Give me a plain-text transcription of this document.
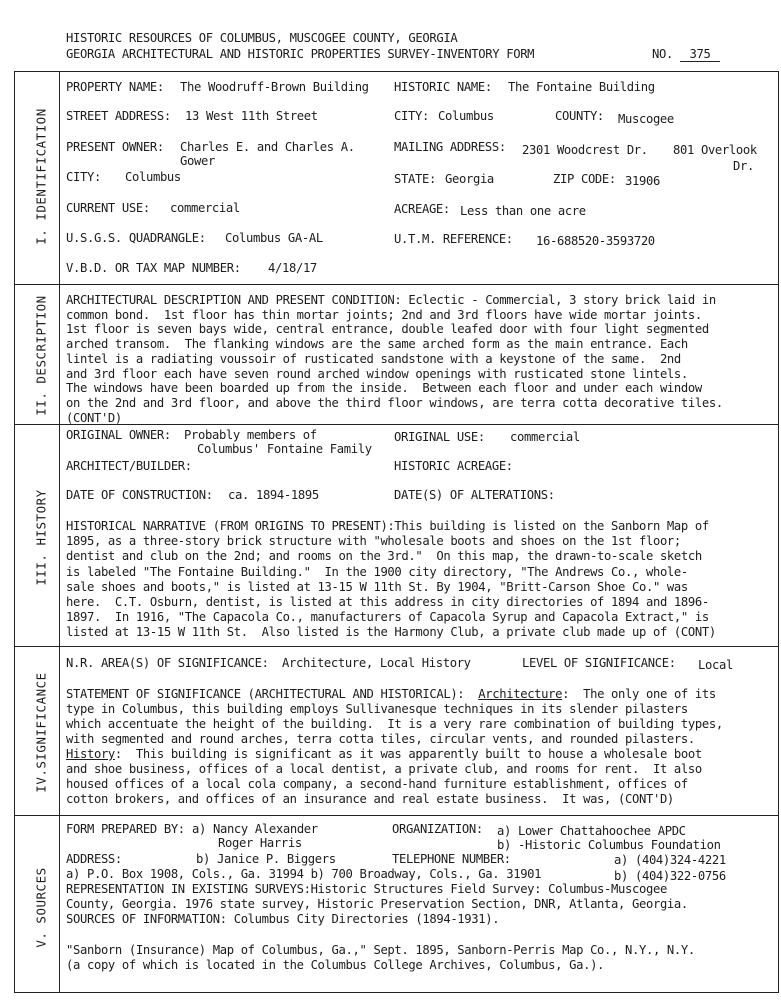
HISTORIC RESOURCES OF COLUMBUS, MUSCOGEE COUNTY, GEORGIA
GEORGIA ARCHITECTURAL AND HISTORIC PROPERTIES SURVEY-INVENTORY FORM	NO. 375
I. IDENTIFICATION
II. DESCRIPTION
III. HISTORY
IV.SIGNIFICANCE
V. SOURCES
PROPERTY NAME: The Woodruff-Brown Building HISTORIC NAME: The Fontaine Building
STREET ADDRESS: 13 West 11th Street	CITY: Columbus	COUNTY: Muscogee
PRESENT OWNER: Charles E. and Charles A.
Gower
MAILING ADDRESS: 2301 Woodcrest Dr. 801 Overlook
Dr.
CITY: Columbus	STATE: Georgia	ZIP CODE: 31906
CURRENT USE: commercial	ACREAGE: Less than one acre
U.S.G.S. QUADRANGLE: Columbus GA-AL	U.T.M. REFERENCE: 16-688520-3593720
V.B.D. OR TAX MAP NUMBER: 4/18/17
ARCHITECTURAL DESCRIPTION AND PRESENT CONDITION: Eclectic - Commercial, 3 story brick laid in
common bond.  1st floor has thin mortar joints; 2nd and 3rd floors have wide mortar joints.
1st floor is seven bays wide, central entrance, double leafed door with four light segmented
arched transom.  The flanking windows are the same arched form as the main entrance. Each
lintel is a radiating voussoir of rusticated sandstone with a keystone of the same.  2nd
and 3rd floor each have seven round arched window openings with rusticated stone lintels.
The windows have been boarded up from the inside.  Between each floor and under each window
on the 2nd and 3rd floor, and above the third floor windows, are terra cotta decorative tiles.
(CONT'D)
ORIGINAL OWNER: Probably members of
Columbus' Fontaine Family
ORIGINAL USE: commercial
ARCHITECT/BUILDER:	HISTORIC ACREAGE:
DATE OF CONSTRUCTION: ca. 1894-1895	DATE(S) OF ALTERATIONS:
HISTORICAL NARRATIVE (FROM ORIGINS TO PRESENT):This building is listed on the Sanborn Map of
1895, as a three-story brick structure with "wholesale boots and shoes on the 1st floor;
dentist and club on the 2nd; and rooms on the 3rd."  On this map, the drawn-to-scale sketch
is labeled "The Fontaine Building."  In the 1900 city directory, "The Andrews Co., whole-
sale shoes and boots," is listed at 13-15 W 11th St. By 1904, "Britt-Carson Shoe Co." was
here.  C.T. Osburn, dentist, is listed at this address in city directories of 1894 and 1896-
1897.  In 1916, "The Capacola Co., manufacturers of Capacola Syrup and Capacola Extract," is
listed at 13-15 W 11th St.  Also listed is the Harmony Club, a private club made up of (CONT)
N.R. AREA(S) OF SIGNIFICANCE: Architecture, Local History	LEVEL OF SIGNIFICANCE: Local
STATEMENT OF SIGNIFICANCE (ARCHITECTURAL AND HISTORICAL): Architecture:  The only one of its
type in Columbus, this building employs Sullivanesque techniques in its slender pilasters
which accentuate the height of the building.  It is a very rare combination of building types,
with segmented and round arches, terra cotta tiles, circular vents, and rounded pilasters.
History:  This building is significant as it was apparently built to house a wholesale boot
and shoe business, offices of a local dentist, a private club, and rooms for rent.  It also
housed offices of a local cola company, a second-hand furniture establishment, offices of
cotton brokers, and offices of an insurance and real estate business.  It was, (CONT'D)
FORM PREPARED BY: a) Nancy Alexander
Roger Harris
ORGANIZATION: a) Lower Chattahoochee APDC
b) -Historic Columbus Foundation
ADDRESS:	b) Janice P. Biggers	TELEPHONE NUMBER:	a) (404)324-4221
a) P.O. Box 1908, Cols., Ga. 31994 b) 700 Broadway, Cols., Ga. 31901	b) (404)322-0756
REPRESENTATION IN EXISTING SURVEYS:Historic Structures Field Survey: Columbus-Muscogee
County, Georgia. 1976 state survey, Historic Preservation Section, DNR, Atlanta, Georgia.
SOURCES OF INFORMATION: Columbus City Directories (1894-1931).
"Sanborn (Insurance) Map of Columbus, Ga.," Sept. 1895, Sanborn-Perris Map Co., N.Y., N.Y.
(a copy of which is located in the Columbus College Archives, Columbus, Ga.).
